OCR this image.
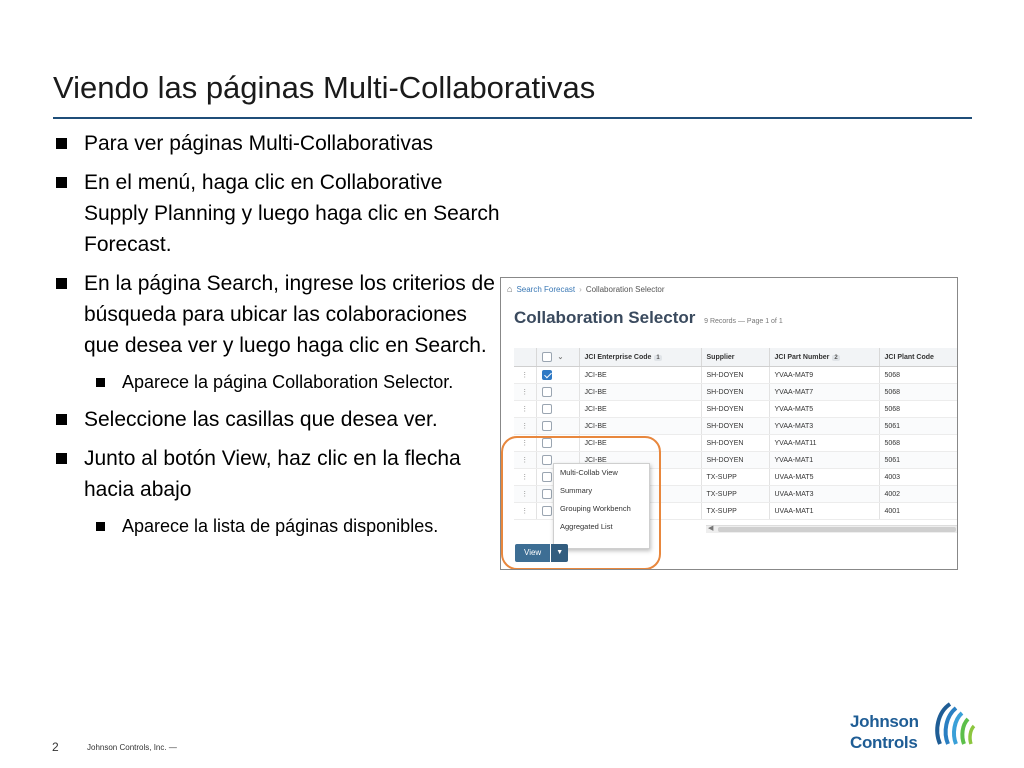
Viendo las páginas Multi-Collaborativas
Para ver páginas Multi-Collaborativas
En el menú, haga clic en Collaborative Supply Planning y luego haga clic en Search Forecast.
En la página Search, ingrese los criterios de búsqueda para ubicar las colaboraciones que desea ver y luego haga clic en Search.
Aparece la página Collaboration Selector.
Seleccione las casillas que desea ver.
Junto al botón View, haz clic en la flecha hacia abajo
Aparece la lista de páginas disponibles.
⌂ Search Forecast › Collaboration Selector
Collaboration Selector 9 Records — Page 1 of 1
	⌄	JCI Enterprise Code 1	Supplier	JCI Part Number 2	JCI Plant Code
⋮		JCI-BE	SH-DOYEN	YVAA-MAT9	5068
⋮		JCI-BE	SH-DOYEN	YVAA-MAT7	5068
⋮		JCI-BE	SH-DOYEN	YVAA-MAT5	5068
⋮		JCI-BE	SH-DOYEN	YVAA-MAT3	5061
⋮		JCI-BE	SH-DOYEN	YVAA-MAT11	5068
⋮		JCI-BE	SH-DOYEN	YVAA-MAT1	5061
⋮			TX-SUPP	UVAA-MAT5	4003
⋮			TX-SUPP	UVAA-MAT3	4002
⋮			TX-SUPP	UVAA-MAT1	4001
◀
Multi-Collab View
Summary
Grouping Workbench
Aggregated List
View	▼
2	Johnson Controls, Inc. —
Johnson
Controls
